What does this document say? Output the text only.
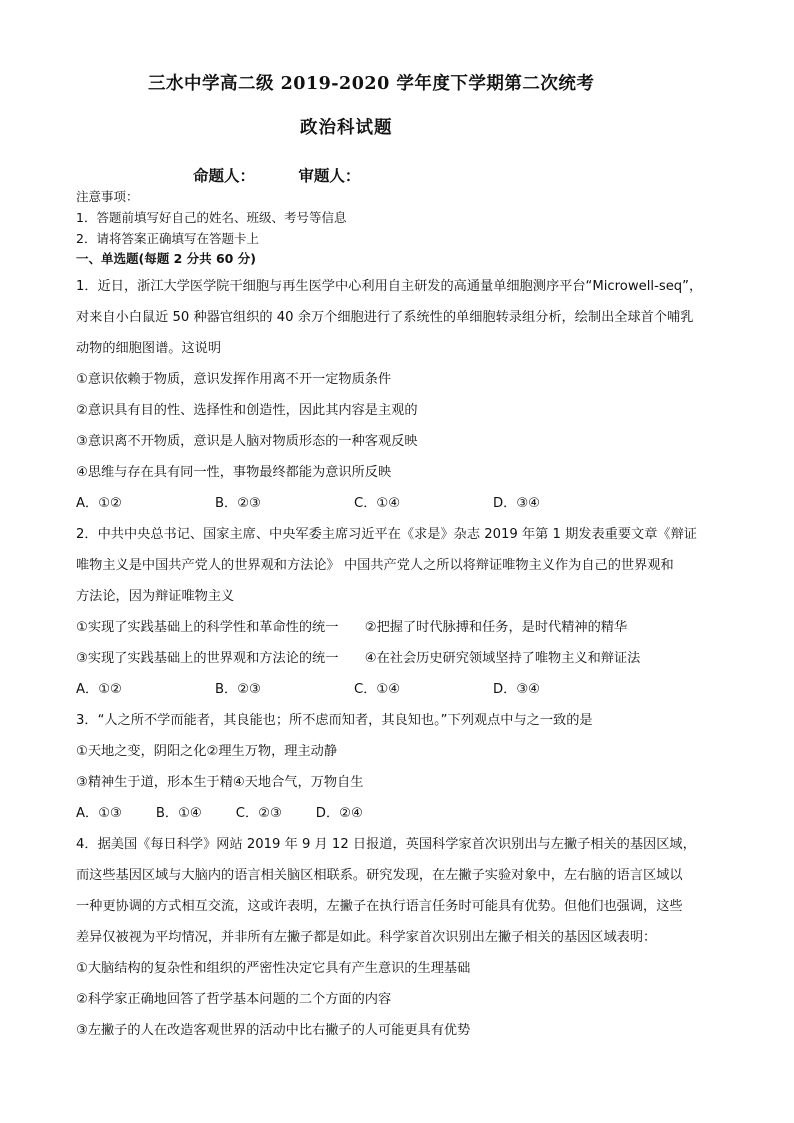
三水中学高二级 2019-2020 学年度下学期第二次统考
政治科试题
命题人：	审题人：
注意事项：
1．答题前填写好自己的姓名、班级、考号等信息
2．请将答案正确填写在答题卡上
一、单选题(每题 2 分共 60 分)
1．近日，浙江大学医学院干细胞与再生医学中心利用自主研发的高通量单细胞测序平台“Microwell-seq”，
对来自小白鼠近 50 种器官组织的 40 余万个细胞进行了系统性的单细胞转录组分析，绘制出全球首个哺乳
动物的细胞图谱。这说明
①意识依赖于物质，意识发挥作用离不开一定物质条件
②意识具有目的性、选择性和创造性，因此其内容是主观的
③意识离不开物质，意识是人脑对物质形态的一种客观反映
④思维与存在具有同一性，事物最终都能为意识所反映
A．①②	B．②③	C．①④	D．③④
2．中共中央总书记、国家主席、中央军委主席习近平在《求是》杂志 2019 年第 1 期发表重要文章《辩证
唯物主义是中国共产党人的世界观和方法论》 中国共产党人之所以将辩证唯物主义作为自己的世界观和
方法论，因为辩证唯物主义
①实现了实践基础上的科学性和革命性的统一　　②把握了时代脉搏和任务，是时代精神的精华
③实现了实践基础上的世界观和方法论的统一　　④在社会历史研究领域坚持了唯物主义和辩证法
A．①②	B．②③	C．①④	D．③④
3．“人之所不学而能者，其良能也；所不虑而知者，其良知也。”下列观点中与之一致的是
①天地之变，阴阳之化②理生万物，理主动静
③精神生于道，形本生于精④天地合气，万物自生
A．①③	B．①④	C．②③	D．②④
4．据美国《每日科学》网站 2019 年 9 月 12 日报道，英国科学家首次识别出与左撇子相关的基因区域，
而这些基因区域与大脑内的语言相关脑区相联系。研究发现，在左撇子实验对象中，左右脑的语言区域以
一种更协调的方式相互交流，这或许表明，左撇子在执行语言任务时可能具有优势。但他们也强调，这些
差异仅被视为平均情况，并非所有左撇子都是如此。科学家首次识别出左撇子相关的基因区域表明：
①大脑结构的复杂性和组织的严密性决定它具有产生意识的生理基础
②科学家正确地回答了哲学基本问题的二个方面的内容
③左撇子的人在改造客观世界的活动中比右撇子的人可能更具有优势
